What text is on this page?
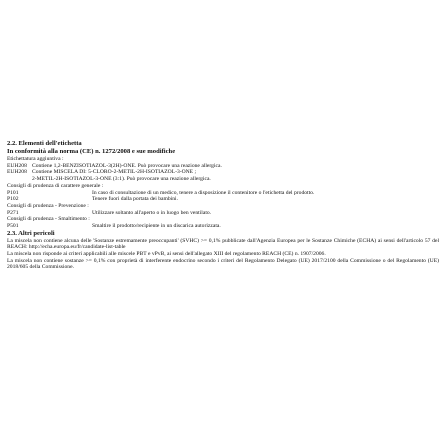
2.2. Elementi dell'etichetta
In conformità alla norma (CE) n. 1272/2008 e sue modifiche
Etichettatura aggiuntiva :
EUH208 Contiene 1,2-BENZISOTIAZOL-3(2H)-ONE. Può provocare una reazione allergica.
EUH208 Contiene MISCELA DI: 5-CLORO-2-METIL-2H-ISOTIAZOL-3-ONE ;
2-METIL-2H-ISOTIAZOL-3-ONE (3:1). Può provocare una reazione allergica.
Consigli di prudenza di carattere generale :
P101	In caso di consultazione di un medico, tenere a disposizione il contenitore o l'etichetta del prodotto.
P102	Tenere fuori dalla portata dei bambini.
Consigli di prudenza - Prevenzione :
P271	Utilizzare soltanto all'aperto o in luogo ben ventilato.
Consigli di prudenza - Smaltimento :
P501	Smaltire il prodotto/recipiente in un discarica autorizzata.
2.3. Altri pericoli
La miscela non contiene alcuna delle 'Sostanze estremamente preoccupanti' (SVHC) >= 0,1% pubblicate dall'Agenzia Europea per le Sostanze Chimiche (ECHA) ai sensi dell'articolo 57 del REACH: http://echa.europa.eu/fr/candidate-list-table
La miscela non risponde ai criteri applicabili alle miscele PBT e vPvB, ai sensi dell'allegato XIII del regolamento REACH (CE) n. 1907/2006.
La miscela non contiene sostanze >= 0,1% con proprietà di interferente endocrino secondo i criteri del Regolamento Delegato (UE) 2017/2100 della Commissione o del Regolamento (UE) 2018/605 della Commissione.
